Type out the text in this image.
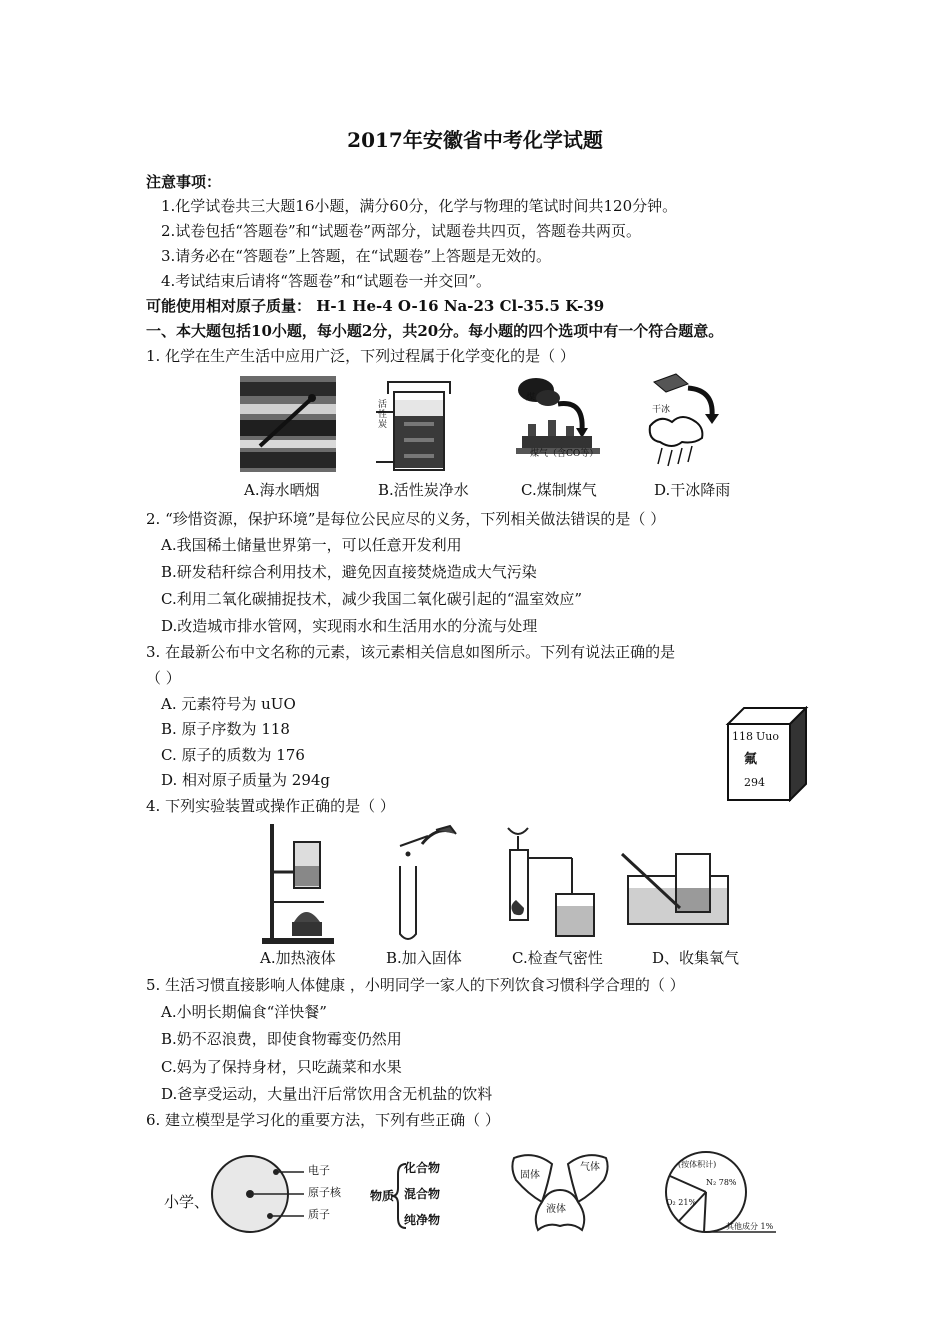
2017年安徽省中考化学试题
注意事项：
1.化学试卷共三大题16小题，满分60分，化学与物理的笔试时间共120分钟。
2.试卷包括“答题卷”和“试题卷”两部分，试题卷共四页，答题卷共两页。
3.请务必在“答题卷”上答题，在“试题卷”上答题是无效的。
4.考试结束后请将“答题卷”和“试题卷一并交回”。
可能使用相对原子质量： H-1 He-4 O-16 Na-23 Cl-35.5 K-39
一、本大题包括10小题，每小题2分，共20分。每小题的四个选项中有一个符合题意。
1. 化学在生产生活中应用广泛，下列过程属于化学变化的是（ ）
煤气（含CO等）
煤
活性炭
干冰
A.海水晒烟	B.活性炭净水	C.煤制煤气	D.干冰降雨
2. “珍惜资源，保护环境”是每位公民应尽的义务，下列相关做法错误的是（ ）
A.我国稀土储量世界第一，可以任意开发利用
B.研发秸秆综合利用技术，避免因直接焚烧造成大气污染
C.利用二氧化碳捕捉技术，减少我国二氧化碳引起的“温室效应”
D.改造城市排水管网，实现雨水和生活用水的分流与处理
3. 在最新公布中文名称的元素，该元素相关信息如图所示。下列有说法正确的是
（ ）
A. 元素符号为 uUO
B. 原子序数为 118
C. 原子的质数为 176
D. 相对原子质量为 294g
118 Uuo
氟
294
4. 下列实验装置或操作正确的是（ ）
A.加热液体	B.加入固体	C.检查气密性	D、收集氧气
5. 生活习惯直接影响人体健康 ，小明同学一家人的下列饮食习惯科学合理的（ ）
A.小明长期偏食“洋快餐”
B.奶不忍浪费，即使食物霉变仍然用
C.妈为了保持身材，只吃蔬菜和水果
D.爸享受运动，大量出汗后常饮用含无机盐的饮料
6. 建立模型是学习化的重要方法，下列有些正确（ ）
小学、
电子
原子核
质子
物质
化合物
混合物
纯净物
固体
气体
液体
(按体积计)
N₂ 78%
O₂ 21%
其他成分 1%
